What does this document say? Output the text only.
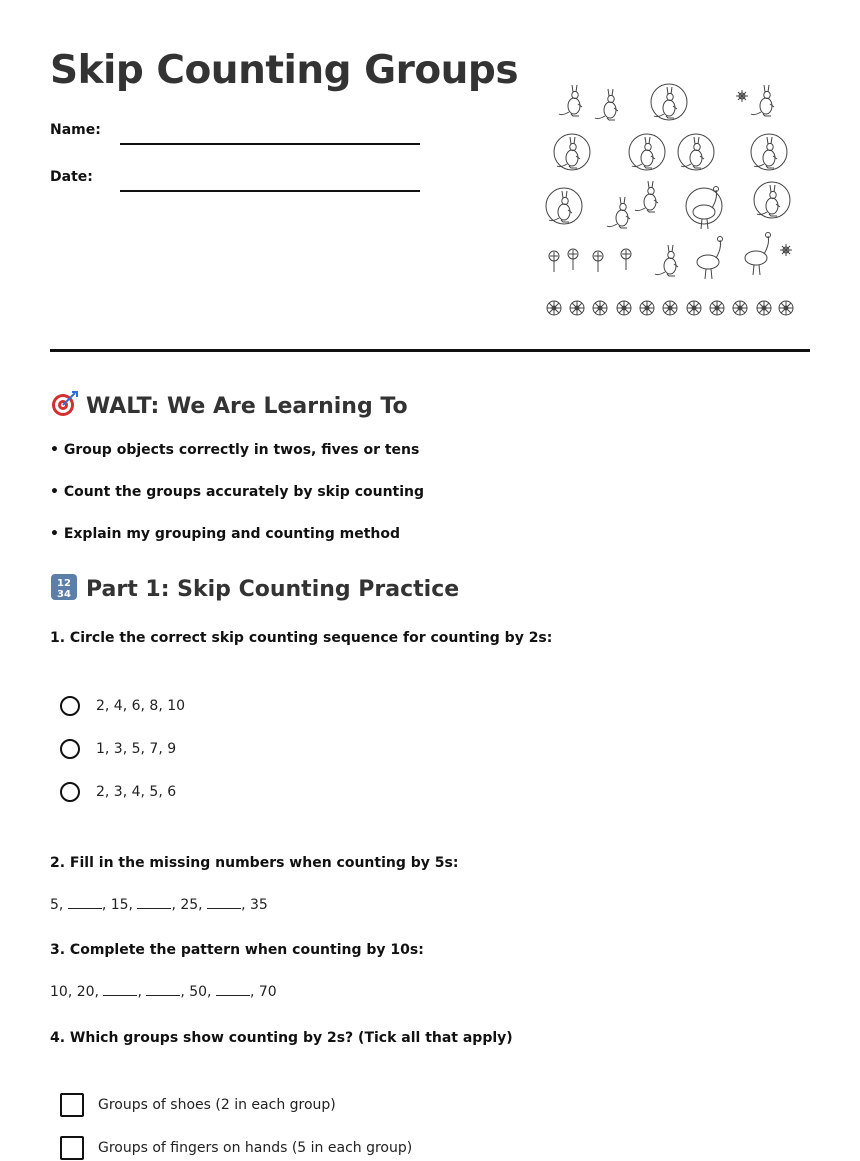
Skip Counting Groups
Name:
Date:
WALT: We Are Learning To
• Group objects correctly in twos, fives or tens
• Count the groups accurately by skip counting
• Explain my grouping and counting method
12
34 Part 1: Skip Counting Practice
1. Circle the correct skip counting sequence for counting by 2s:
2, 4, 6, 8, 10
1, 3, 5, 7, 9
2, 3, 4, 5, 6
2. Fill in the missing numbers when counting by 5s:
5,	, 15,	, 25,	, 35
3. Complete the pattern when counting by 10s:
10, 20,	,	, 50,	, 70
4. Which groups show counting by 2s? (Tick all that apply)
Groups of shoes (2 in each group)
Groups of fingers on hands (5 in each group)
